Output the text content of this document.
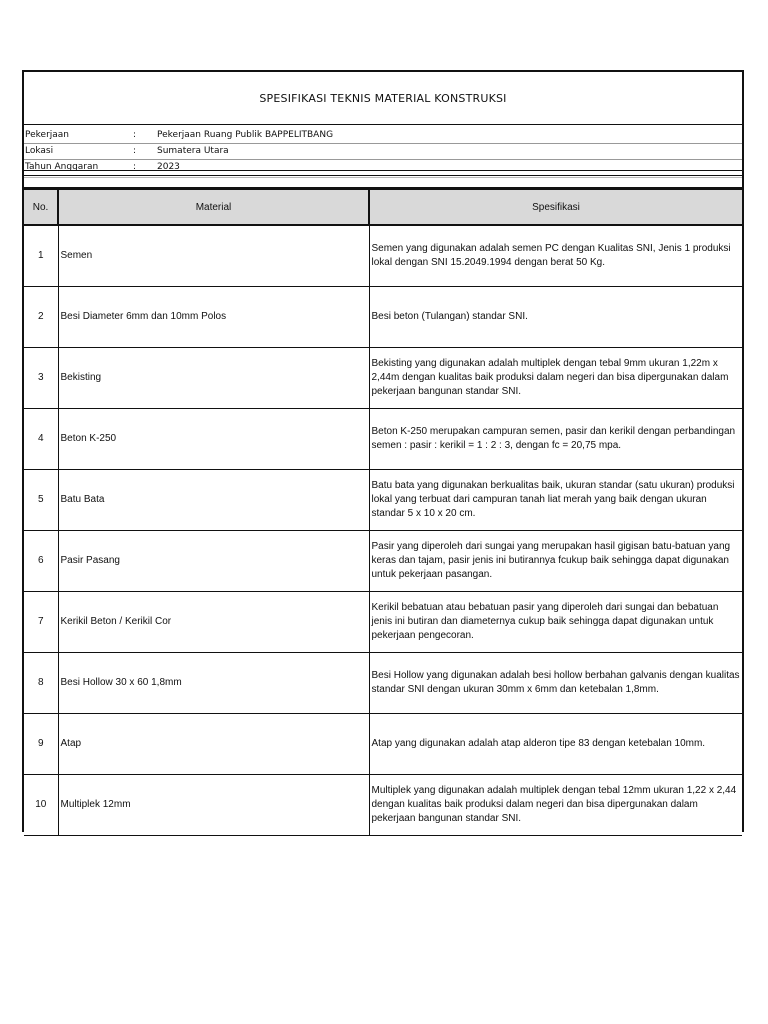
SPESIFIKASI TEKNIS MATERIAL KONSTRUKSI
Pekerjaan	:	Pekerjaan Ruang Publik BAPPELITBANG
Lokasi	:	Sumatera Utara
Tahun Anggaran	:	2023
No.	Material	Spesifikasi
1	Semen	Semen yang digunakan adalah semen PC dengan Kualitas SNI, Jenis 1 produksi lokal dengan SNI 15.2049.1994 dengan berat 50 Kg.
2	Besi Diameter 6mm dan 10mm Polos	Besi beton (Tulangan) standar SNI.
3	Bekisting	Bekisting yang digunakan adalah multiplek dengan tebal 9mm ukuran 1,22m x 2,44m dengan kualitas baik produksi dalam negeri dan bisa dipergunakan dalam pekerjaan bangunan standar SNI.
4	Beton K-250	Beton K-250 merupakan campuran semen, pasir dan kerikil dengan perbandingan semen : pasir : kerikil = 1 : 2 : 3, dengan fc = 20,75 mpa.
5	Batu Bata	Batu bata yang digunakan berkualitas baik, ukuran standar (satu ukuran) produksi lokal yang terbuat dari campuran tanah liat merah yang baik dengan ukuran standar 5 x 10 x 20 cm.
6	Pasir Pasang	Pasir yang diperoleh dari sungai yang merupakan hasil gigisan batu-batuan yang keras dan tajam, pasir jenis ini butirannya fcukup baik sehingga dapat digunakan untuk pekerjaan pasangan.
7	Kerikil Beton / Kerikil Cor	Kerikil bebatuan atau bebatuan pasir yang diperoleh dari sungai dan bebatuan jenis ini butiran dan diameternya cukup baik sehingga dapat digunakan untuk pekerjaan pengecoran.
8	Besi Hollow 30 x 60 1,8mm	Besi Hollow yang digunakan adalah besi hollow berbahan galvanis dengan kualitas standar SNI dengan ukuran 30mm x 6mm dan ketebalan 1,8mm.
9	Atap	Atap yang digunakan adalah atap alderon tipe 83 dengan ketebalan 10mm.
10	Multiplek 12mm	Multiplek yang digunakan adalah multiplek dengan tebal 12mm ukuran 1,22 x 2,44 dengan kualitas baik produksi dalam negeri dan bisa dipergunakan dalam pekerjaan bangunan standar SNI.
